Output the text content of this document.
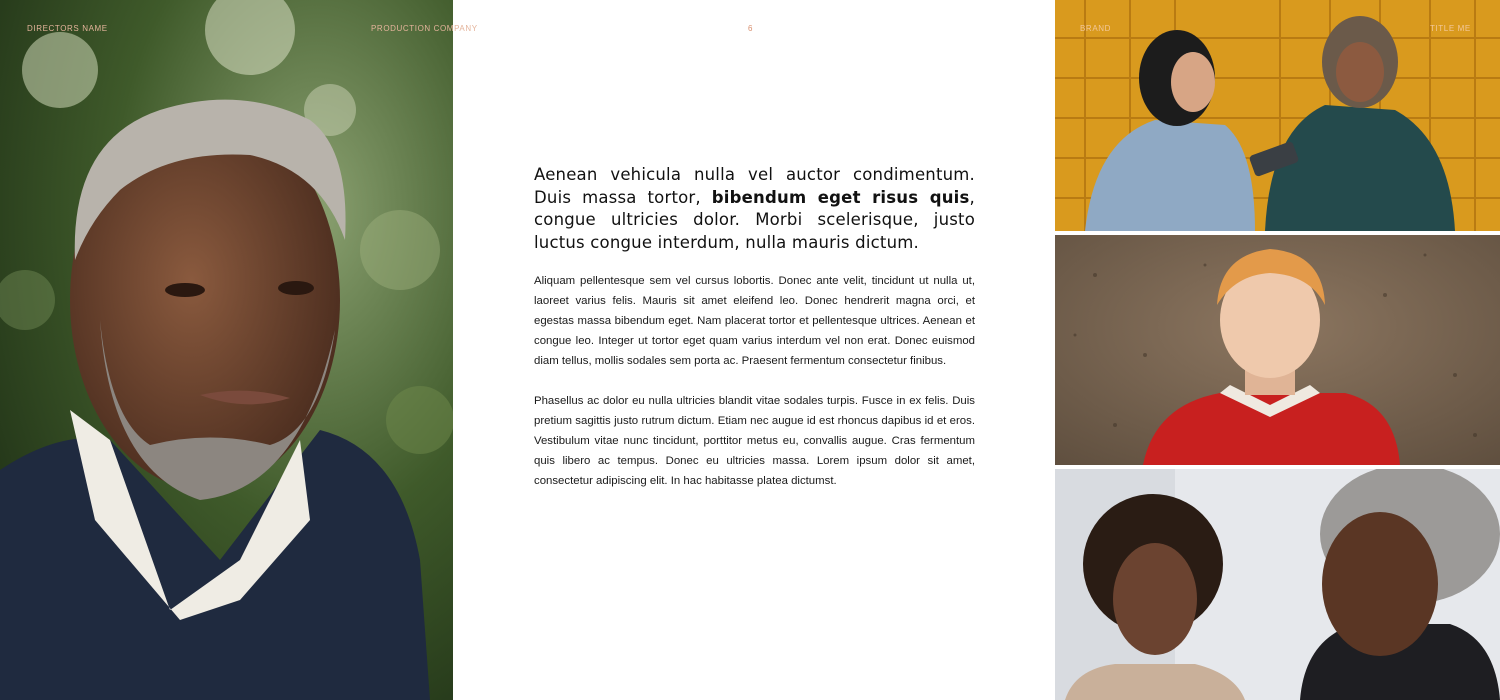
DIRECTORS NAME	PRODUCTION COMPANY	6

Aenean vehicula nulla vel auctor condimentum. Duis massa tortor, bibendum eget risus quis, congue ultricies dolor. Morbi scelerisque, justo luctus congue interdum, nulla mauris dictum.

Aliquam pellentesque sem vel cursus lobortis. Donec ante velit, tincidunt ut nulla ut, laoreet varius felis. Mauris sit amet eleifend leo. Donec hendrerit magna orci, et egestas massa bibendum eget. Nam placerat tortor et pellentesque ultrices. Aenean et congue leo. Integer ut tortor eget quam varius interdum vel non erat. Donec euismod diam tellus, mollis sodales sem porta ac. Praesent fermentum consectetur finibus.

Phasellus ac dolor eu nulla ultricies blandit vitae sodales turpis. Fusce in ex felis. Duis pretium sagittis justo rutrum dictum. Etiam nec augue id est rhoncus dapibus id et eros. Vestibulum vitae nunc tincidunt, porttitor metus eu, convallis augue. Cras fermentum quis libero ac tempus. Donec eu ultricies massa. Lorem ipsum dolor sit amet, consectetur adipiscing elit. In hac habitasse platea dictumst.

BRAND	TITLE ME
